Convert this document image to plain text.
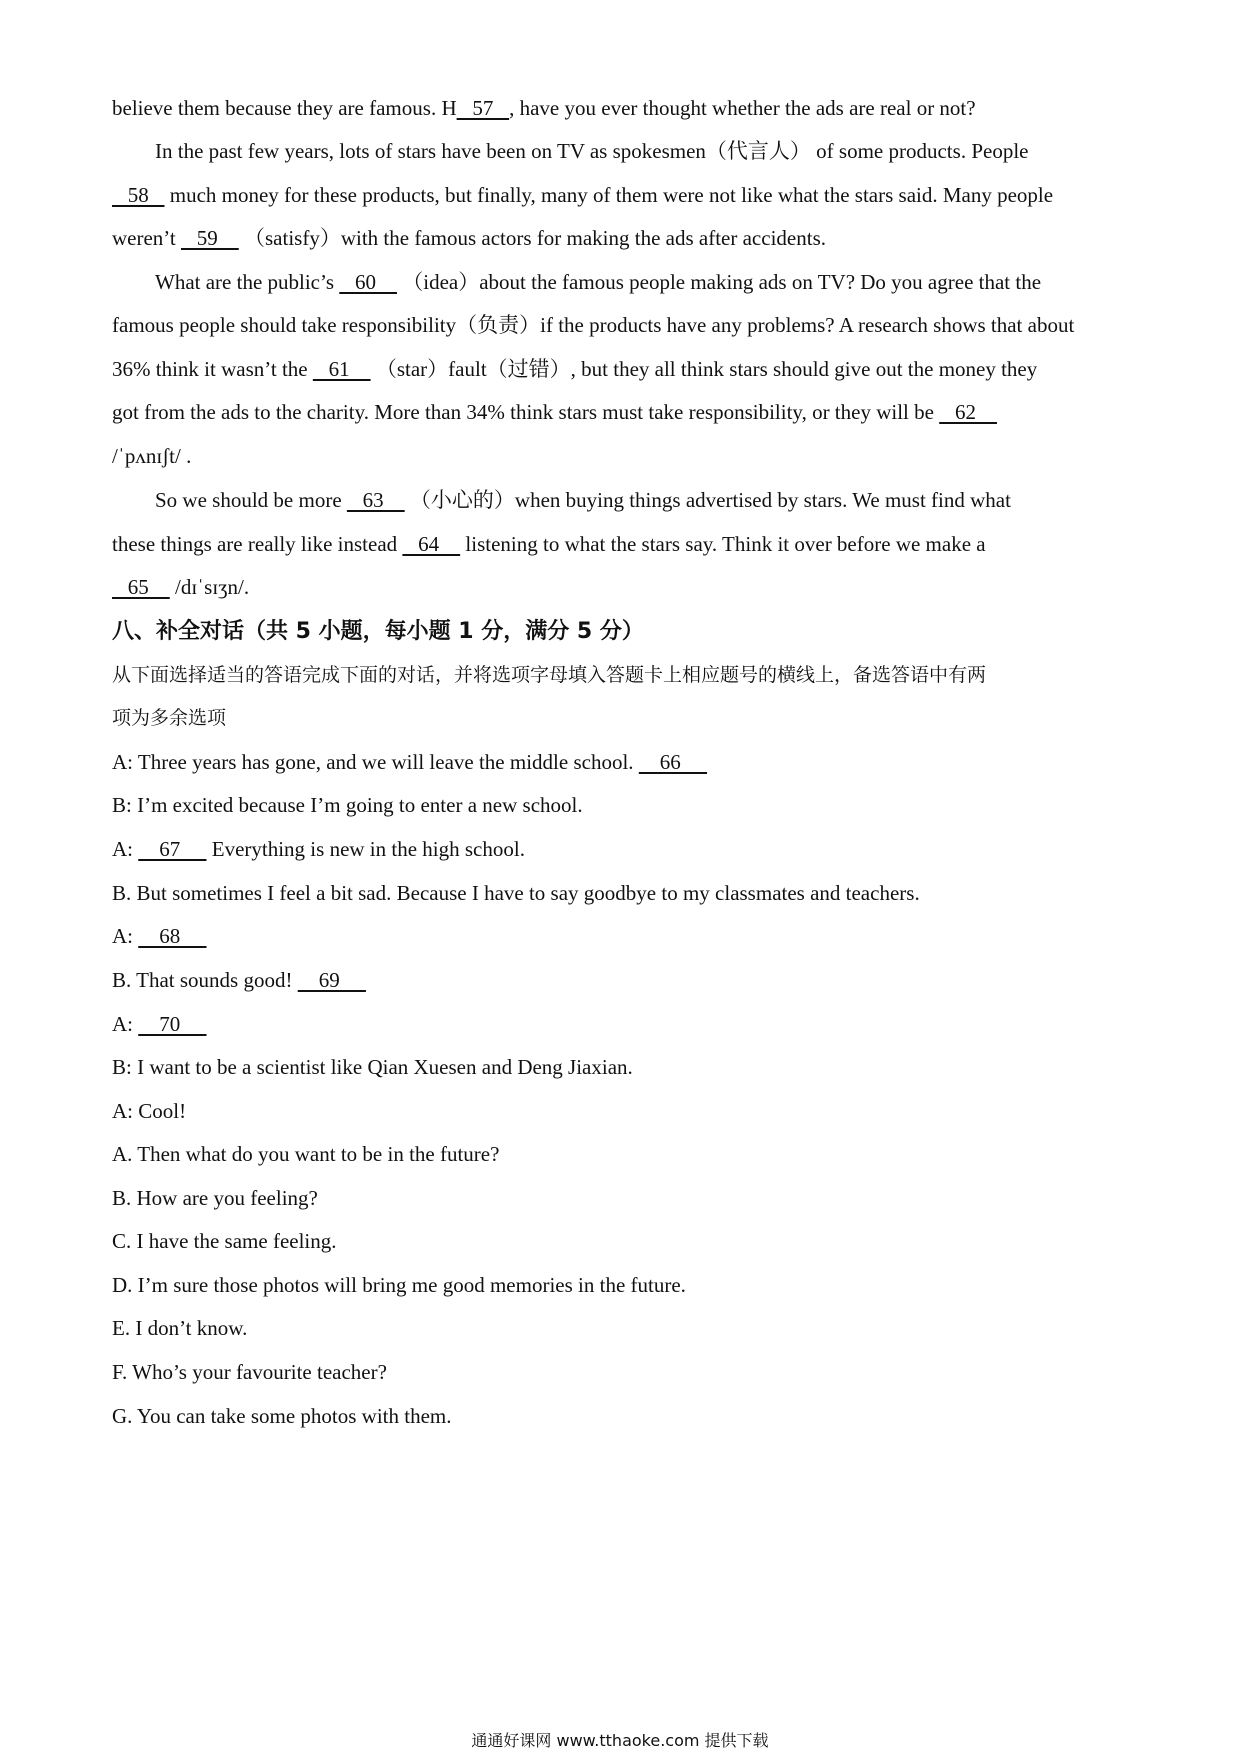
believe them because they are famous. H   57   , have you ever thought whether the ads are real or not?
In the past few years, lots of stars have been on TV as spokesmen（代言人） of some products. People
58    much money for these products, but finally, many of them were not like what the stars said. Many people
weren’t    59     （satisfy）with the famous actors for making the ads after accidents.
What are the public’s    60     （idea）about the famous people making ads on TV? Do you agree that the
famous people should take responsibility（负责）if the products have any problems? A research shows that about
36% think it wasn’t the    61     （star）fault（过错）, but they all think stars should give out the money they
got from the ads to the charity. More than 34% think stars must take responsibility, or they will be    62
/ˈpʌnɪʃt/ .
So we should be more    63     （小心的）when buying things advertised by stars. We must find what
these things are really like instead    64     listening to what the stars say. Think it over before we make a
65     /dɪˈsɪʒn/.
八、补全对话（共 5 小题，每小题 1 分，满分 5 分）
从下面选择适当的答语完成下面的对话，并将选项字母填入答题卡上相应题号的横线上，备选答语中有两
项为多余选项
A: Three years has gone, and we will leave the middle school.     66
B: I’m excited because I’m going to enter a new school.
A:     67      Everything is new in the high school.
B. But sometimes I feel a bit sad. Because I have to say goodbye to my classmates and teachers.
A:     68
B. That sounds good!     69
A:     70
B: I want to be a scientist like Qian Xuesen and Deng Jiaxian.
A: Cool!
A. Then what do you want to be in the future?
B. How are you feeling?
C. I have the same feeling.
D. I’m sure those photos will bring me good memories in the future.
E. I don’t know.
F. Who’s your favourite teacher?
G. You can take some photos with them.
通通好课网 www.tthaoke.com 提供下载
